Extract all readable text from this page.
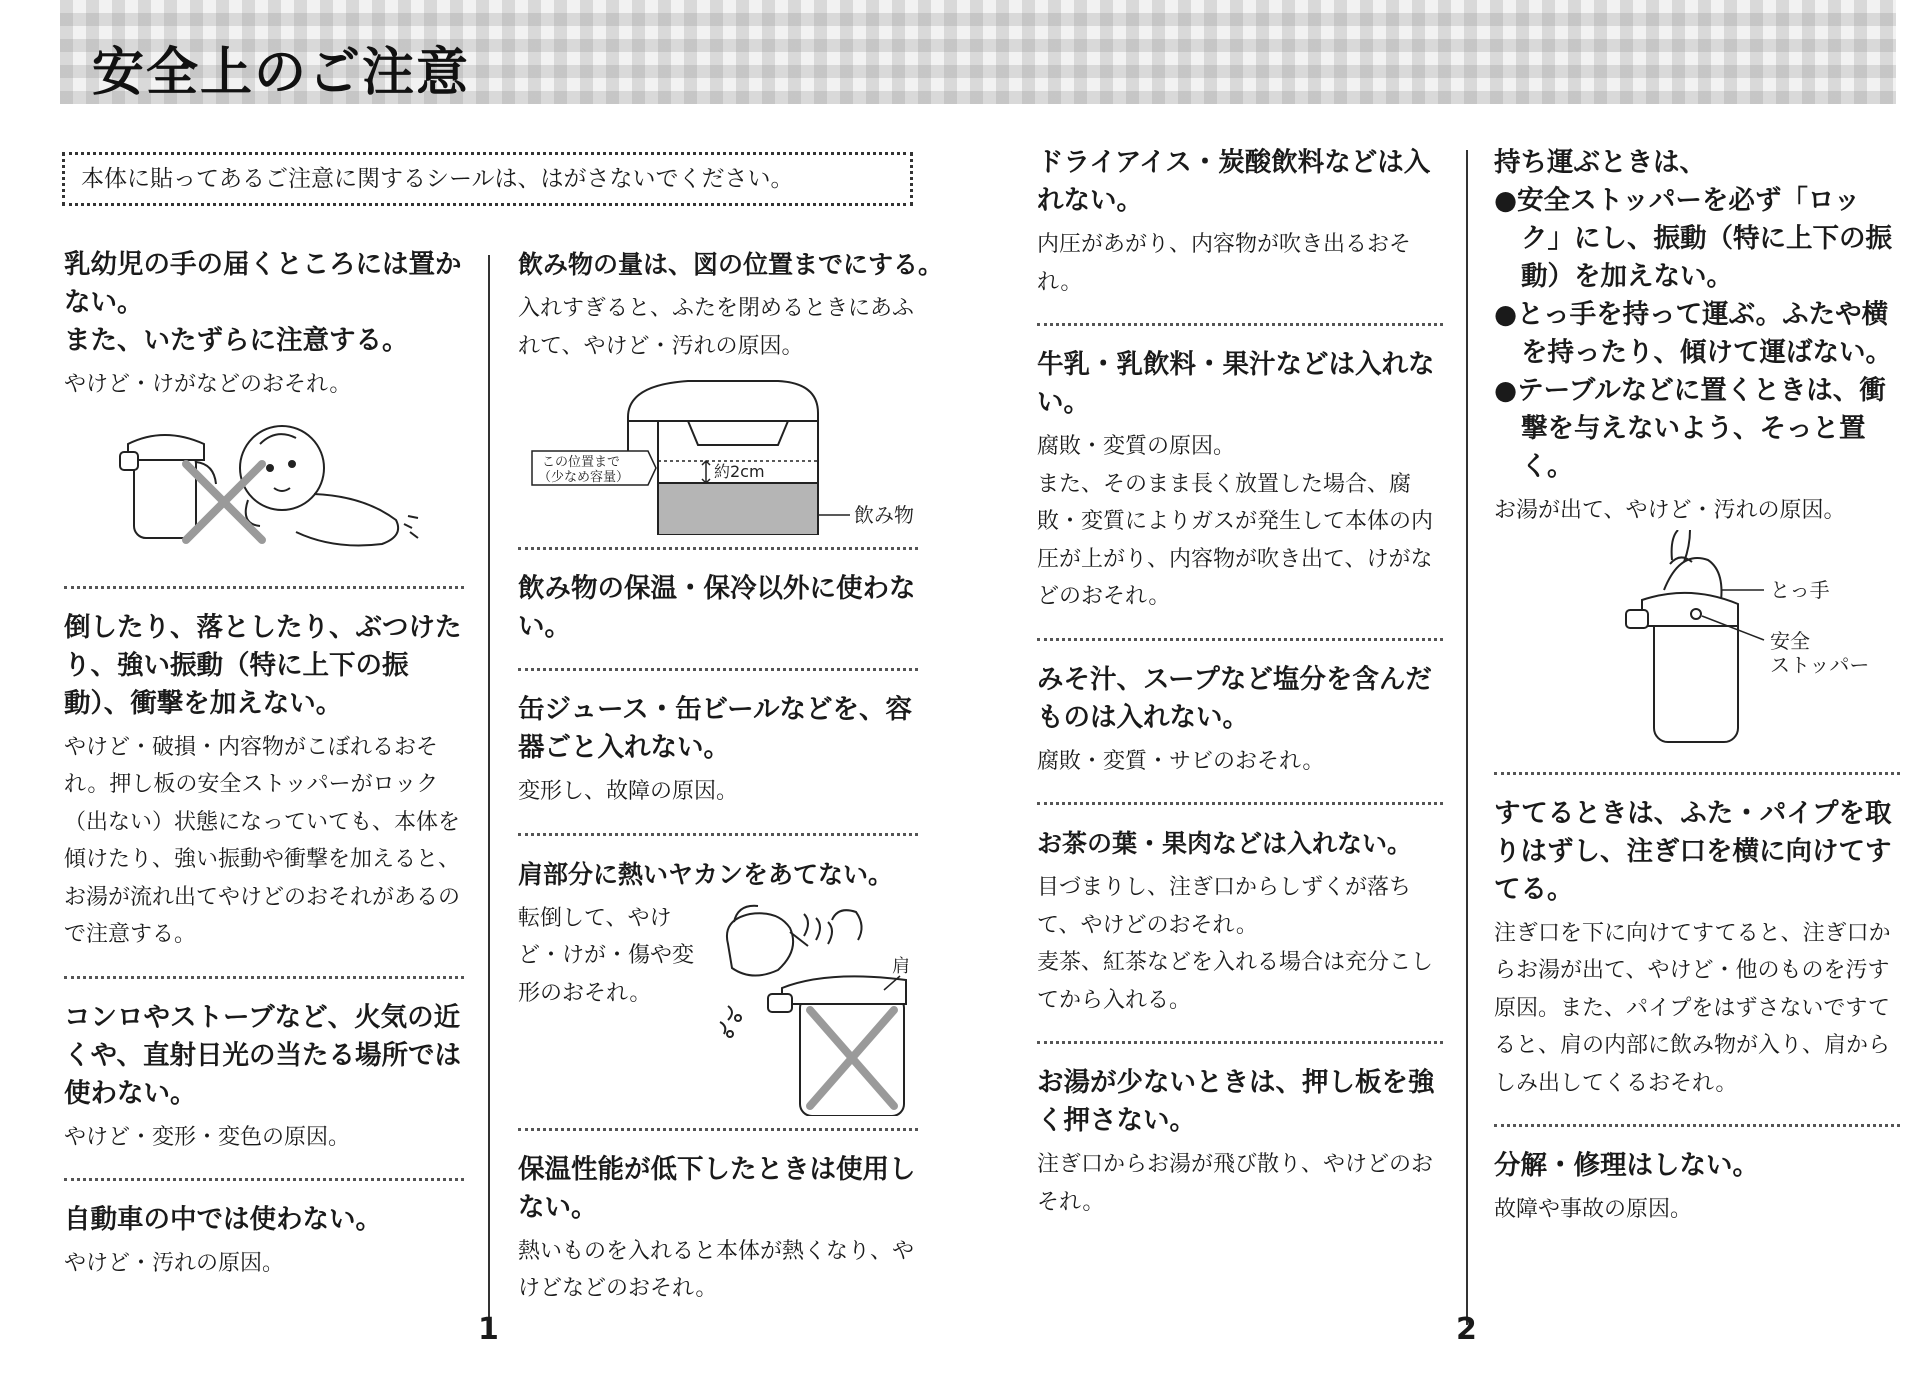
安全上のご注意
本体に貼ってあるご注意に関するシールは、はがさないでください。
乳幼児の手の届くところには置かない。
また、いたずらに注意する。

やけど・けがなどのおそれ。

倒したり、落としたり、ぶつけたり、強い振動（特に上下の振動）、衝撃を加えない。

やけど・破損・内容物がこぼれるおそれ。押し板の安全ストッパーがロック（出ない）状態になっていても、本体を傾けたり、強い振動や衝撃を加えると、お湯が流れ出てやけどのおそれがあるので注意する。

コンロやストーブなど、火気の近くや、直射日光の当たる場所では使わない。

やけど・変形・変色の原因。

自動車の中では使わない。

やけど・汚れの原因。

飲み物の量は、図の位置までにする。

入れすぎると、ふたを閉めるときにあふれて、やけど・汚れの原因。

約2cm
この位置まで
（少なめ容量）
飲み物
飲み物の保温・保冷以外に使わない。
缶ジュース・缶ビールなどを、容器ごと入れない。

変形し、故障の原因。

肩部分に熱いヤカンをあてない。

転倒して、やけど・けが・傷や変形のおそれ。

肩
保温性能が低下したときは使用しない。

熱いものを入れると本体が熱くなり、やけどなどのおそれ。

ドライアイス・炭酸飲料などは入れない。

内圧があがり、内容物が吹き出るおそれ。

牛乳・乳飲料・果汁などは入れない。

腐敗・変質の原因。

また、そのまま長く放置した場合、腐敗・変質によりガスが発生して本体の内圧が上がり、内容物が吹き出て、けがなどのおそれ。

みそ汁、スープなど塩分を含んだものは入れない。

腐敗・変質・サビのおそれ。

お茶の葉・果肉などは入れない。

目づまりし、注ぎ口からしずくが落ちて、やけどのおそれ。

麦茶、紅茶などを入れる場合は充分こしてから入れる。

お湯が少ないときは、押し板を強く押さない。

注ぎ口からお湯が飛び散り、やけどのおそれ。

持ち運ぶときは、
●安全ストッパーを必ず「ロック」にし、振動（特に上下の振動）を加えない。
●とっ手を持って運ぶ。ふたや横を持ったり、傾けて運ばない。
●テーブルなどに置くときは、衝撃を与えないよう、そっと置く。

お湯が出て、やけど・汚れの原因。

とっ手
安全
ストッパー
すてるときは、ふた・パイプを取りはずし、注ぎ口を横に向けてすてる。

注ぎ口を下に向けてすてると、注ぎ口からお湯が出て、やけど・他のものを汚す原因。また、パイプをはずさないですてると、肩の内部に飲み物が入り、肩からしみ出してくるおそれ。

分解・修理はしない。

故障や事故の原因。

1	2
